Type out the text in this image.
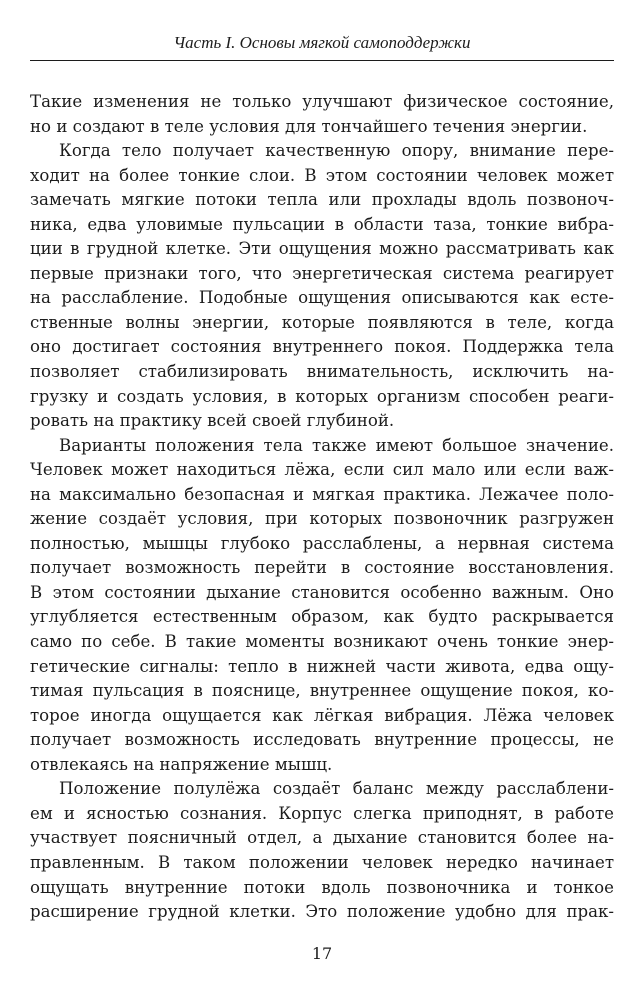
Часть I. Основы мягкой самоподдержки
Такие изменения не только улучшают физическое состояние,
но и создают в теле условия для тончайшего течения энергии.
Когда тело получает качественную опору, внимание пере-
ходит на более тонкие слои. В этом состоянии человек может
замечать мягкие потоки тепла или прохлады вдоль позвоноч-
ника, едва уловимые пульсации в области таза, тонкие вибра-
ции в грудной клетке. Эти ощущения можно рассматривать как
первые признаки того, что энергетическая система реагирует
на расслабление. Подобные ощущения описываются как есте-
ственные волны энергии, которые появляются в теле, когда
оно достигает состояния внутреннего покоя. Поддержка тела
позволяет стабилизировать внимательность, исключить на-
грузку и создать условия, в которых организм способен реаги-
ровать на практику всей своей глубиной.
Варианты положения тела также имеют большое значение.
Человек может находиться лёжа, если сил мало или если важ-
на максимально безопасная и мягкая практика. Лежачее поло-
жение создаёт условия, при которых позвоночник разгружен
полностью, мышцы глубоко расслаблены, а нервная система
получает возможность перейти в состояние восстановления.
В этом состоянии дыхание становится особенно важным. Оно
углубляется естественным образом, как будто раскрывается
само по себе. В такие моменты возникают очень тонкие энер-
гетические сигналы: тепло в нижней части живота, едва ощу-
тимая пульсация в пояснице, внутреннее ощущение покоя, ко-
торое иногда ощущается как лёгкая вибрация. Лёжа человек
получает возможность исследовать внутренние процессы, не
отвлекаясь на напряжение мышц.
Положение полулёжа создаёт баланс между расслаблени-
ем и ясностью сознания. Корпус слегка приподнят, в работе
участвует поясничный отдел, а дыхание становится более на-
правленным. В таком положении человек нередко начинает
ощущать внутренние потоки вдоль позвоночника и тонкое
расширение грудной клетки. Это положение удобно для прак-
17
